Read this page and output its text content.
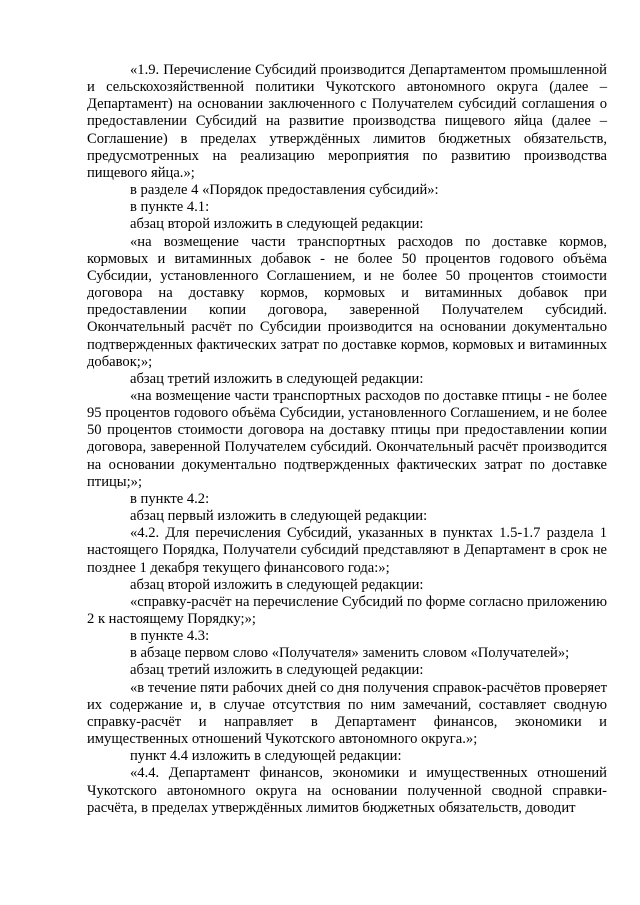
«1.9. Перечисление Субсидий производится Департаментом промышленной и сельскохозяйственной политики Чукотского автономного округа (далее – Департамент) на основании заключенного с Получателем субсидий соглашения о предоставлении Субсидий на развитие производства пищевого яйца (далее – Соглашение) в пределах утверждённых лимитов бюджетных обязательств, предусмотренных на реализацию мероприятия по развитию производства пищевого яйца.»;

в разделе 4 «Порядок предоставления субсидий»:

в пункте 4.1:

абзац второй изложить в следующей редакции:

«на возмещение части транспортных расходов по доставке кормов, кормовых и витаминных добавок - не более 50 процентов годового объёма Субсидии, установленного Соглашением, и не более 50 процентов стоимости договора на доставку кормов, кормовых и витаминных добавок при предоставлении копии договора, заверенной Получателем субсидий. Окончательный расчёт по Субсидии производится на основании документально подтвержденных фактических затрат по доставке кормов, кормовых и витаминных добавок;»;

абзац третий изложить в следующей редакции:

«на возмещение части транспортных расходов по доставке птицы - не более 95 процентов годового объёма Субсидии, установленного Соглашением, и не более 50 процентов стоимости договора на доставку птицы при предоставлении копии договора, заверенной Получателем субсидий. Окончательный расчёт производится на основании документально подтвержденных фактических затрат по доставке птицы;»;

в пункте 4.2:

абзац первый изложить в следующей редакции:

«4.2. Для перечисления Субсидий, указанных в пунктах 1.5-1.7 раздела 1 настоящего Порядка, Получатели субсидий представляют в Департамент в срок не позднее 1 декабря текущего финансового года:»;

абзац второй изложить в следующей редакции:

«справку-расчёт на перечисление Субсидий по форме согласно приложению 2 к настоящему Порядку;»;

в пункте 4.3:

в абзаце первом слово «Получателя» заменить словом «Получателей»;

абзац третий изложить в следующей редакции:

«в течение пяти рабочих дней со дня получения справок-расчётов проверяет их содержание и, в случае отсутствия по ним замечаний, составляет сводную справку-расчёт и направляет в Департамент финансов, экономики и имущественных отношений Чукотского автономного округа.»;

пункт 4.4 изложить в следующей редакции:

«4.4. Департамент финансов, экономики и имущественных отношений Чукотского автономного округа на основании полученной сводной справки-расчёта, в пределах утверждённых лимитов бюджетных обязательств, доводит
